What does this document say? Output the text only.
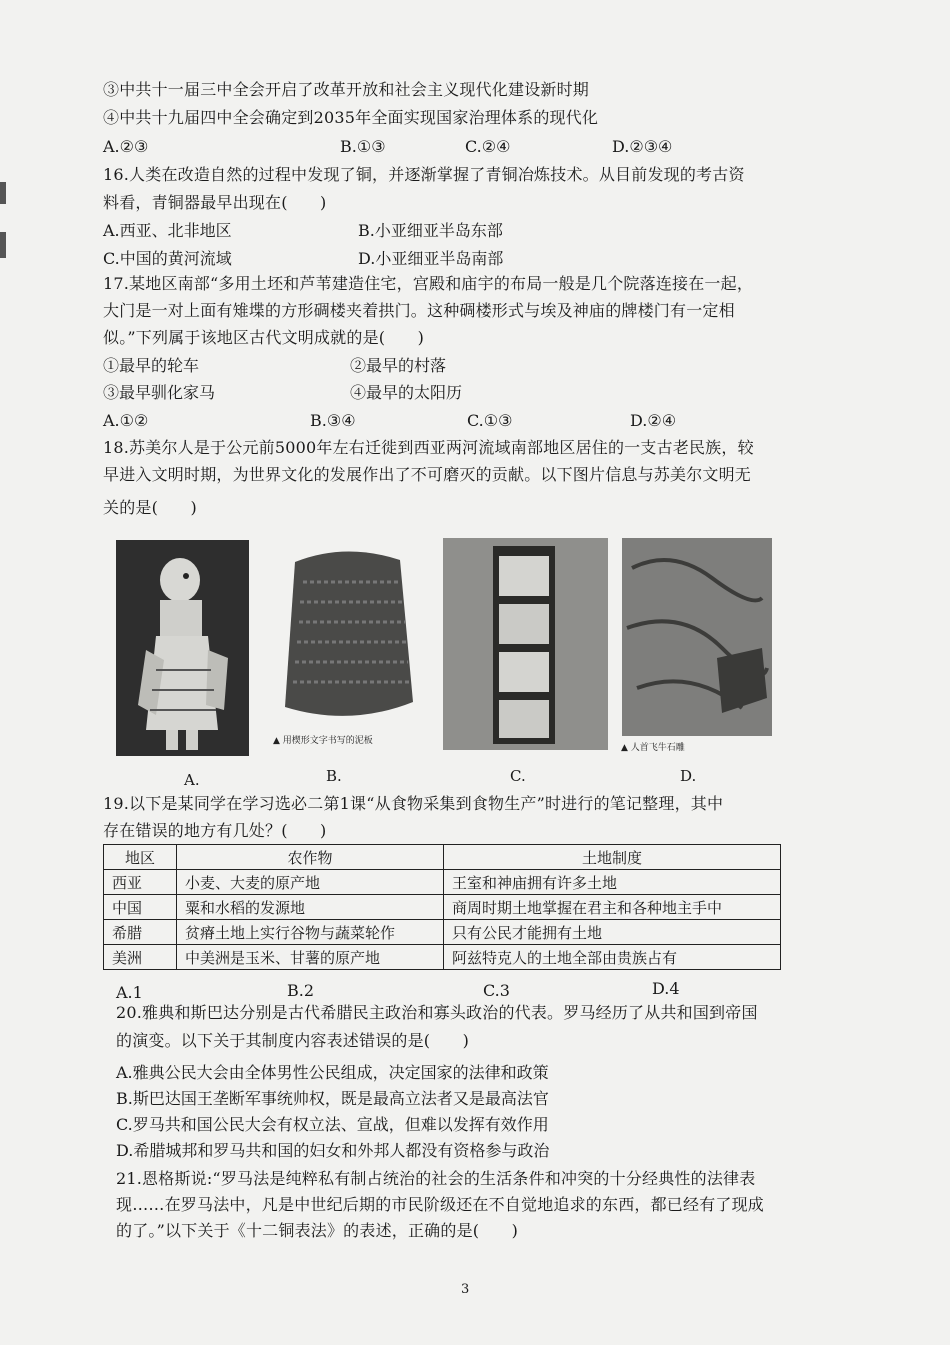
③中共十一届三中全会开启了改革开放和社会主义现代化建设新时期
④中共十九届四中全会确定到2035年全面实现国家治理体系的现代化
A.②③	B.①③	C.②④	D.②③④
16.人类在改造自然的过程中发现了铜，并逐渐掌握了青铜冶炼技术。从目前发现的考古资
料看，青铜器最早出现在(　　)
A.西亚、北非地区	B.小亚细亚半岛东部
C.中国的黄河流域	D.小亚细亚半岛南部
17.某地区南部“多用土坯和芦苇建造住宅，宫殿和庙宇的布局一般是几个院落连接在一起，
大门是一对上面有雉堞的方形碉楼夹着拱门。这种碉楼形式与埃及神庙的牌楼门有一定相
似。”下列属于该地区古代文明成就的是(　　)
①最早的轮车	②最早的村落
③最早驯化家马	④最早的太阳历
A.①②	B.③④	C.①③	D.②④
18.苏美尔人是于公元前5000年左右迁徙到西亚两河流域南部地区居住的一支古老民族，较
早进入文明时期，为世界文化的发展作出了不可磨灭的贡献。以下图片信息与苏美尔文明无
关的是(　　)
▲ 用楔形文字书写的泥板
▲ 人首飞牛石雕
A.	B.	C.	D.
19.以下是某同学在学习选必二第1课“从食物采集到食物生产”时进行的笔记整理，其中
存在错误的地方有几处？(　　)
地区	农作物	土地制度
西亚	小麦、大麦的原产地	王室和神庙拥有许多土地
中国	粟和水稻的发源地	商周时期土地掌握在君主和各种地主手中
希腊	贫瘠土地上实行谷物与蔬菜轮作	只有公民才能拥有土地
美洲	中美洲是玉米、甘薯的原产地	阿兹特克人的土地全部由贵族占有
A.1	B.2	C.3	D.4
20.雅典和斯巴达分别是古代希腊民主政治和寡头政治的代表。罗马经历了从共和国到帝国
的演变。以下关于其制度内容表述错误的是(　　)
A.雅典公民大会由全体男性公民组成，决定国家的法律和政策
B.斯巴达国王垄断军事统帅权，既是最高立法者又是最高法官
C.罗马共和国公民大会有权立法、宣战，但难以发挥有效作用
D.希腊城邦和罗马共和国的妇女和外邦人都没有资格参与政治
21.恩格斯说:“罗马法是纯粹私有制占统治的社会的生活条件和冲突的十分经典性的法律表
现……在罗马法中，凡是中世纪后期的市民阶级还在不自觉地追求的东西，都已经有了现成
的了。”以下关于《十二铜表法》的表述，正确的是(　　)
3
